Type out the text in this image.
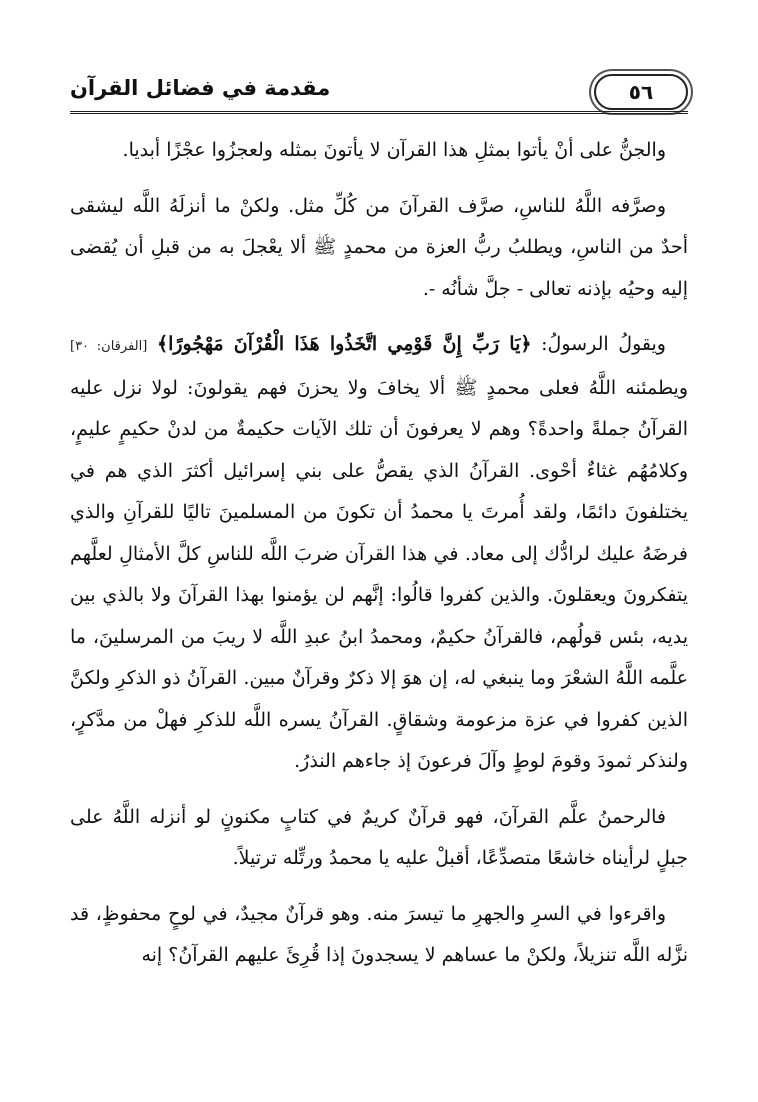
٥٦
مقدمة في فضائل القرآن

والجنُّ على أنْ يأتوا بمثلِ هذا القرآن لا يأتونَ بمثله ولعجزُوا عجْزًا أبديا.

وصرَّفه اللَّهُ للناسِ، صرَّف القرآنَ من كُلِّ مثل. ولكنْ ما أنزلَهُ اللَّه ليشقى أحدٌ من الناسِ، ويطلبُ ربُّ العزة من محمدٍ ﷺ ألا يعْجلَ به من قبلِ أن يُقضى إليه وحيُه بإذنه تعالى - جلَّ شأنُه -.

ويقولُ الرسولُ: ﴿يَا رَبِّ إِنَّ قَوْمِي اتَّخَذُوا هَذَا الْقُرْآنَ مَهْجُورًا﴾ [الفرقان: ٣٠] ويطمئنه اللَّهُ فعلى محمدٍ ﷺ ألا يخافَ ولا يحزنَ فهم يقولونَ: لولا نزل عليه القرآنُ جملةً واحدةً؟ وهم لا يعرفونَ أن تلك الآيات حكيمةٌ من لدنْ حكيمٍ عليمٍ، وكلامُهُم غثاءٌ أحْوى. القرآنُ الذي يقصُّ على بني إسرائيل أكثرَ الذي هم في يختلفونَ دائمًا، ولقد أُمرتَ يا محمدُ أن تكونَ من المسلمينَ تاليًا للقرآنِ والذي فرضَهُ عليك لرادُّك إلى معاد. في هذا القرآن ضربَ اللَّه للناسِ كلَّ الأمثالِ لعلَّهم يتفكرونَ ويعقلونَ. والذين كفروا قالُوا: إنَّهم لن يؤمنوا بهذا القرآنَ ولا بالذي بين يديه، بئس قولُهم، فالقرآنُ حكيمٌ، ومحمدُ ابنُ عبدِ اللَّه لا ريبَ من المرسلينَ، ما علَّمه اللَّهُ الشعْرَ وما ينبغي له، إن هوَ إلا ذكرٌ وقرآنٌ مبين. القرآنُ ذو الذكرِ ولكنَّ الذين كفروا في عزة مزعومة وشقاقٍ. القرآنُ يسره اللَّه للذكرِ فهلْ من مدَّكرٍ، ولنذكر ثمودَ وقومَ لوطٍ وآلَ فرعونَ إذ جاءهم النذرُ.

فالرحمنُ علَّم القرآنَ، فهو قرآنٌ كريمٌ في كتابٍ مكنونٍ لو أنزله اللَّهُ على جبلٍ لرأيناه خاشعًا متصدِّعًا، أقبلْ عليه يا محمدُ ورتِّله ترتيلاً.

واقرءوا في السرِ والجهرِ ما تيسرَ منه. وهو قرآنٌ مجيدٌ، في لوحٍ محفوظٍ، قد نزَّله اللَّه تنزيلاً، ولكنْ ما عساهم لا يسجدونَ إذا قُرِئَ عليهم القرآنُ؟ إنه
